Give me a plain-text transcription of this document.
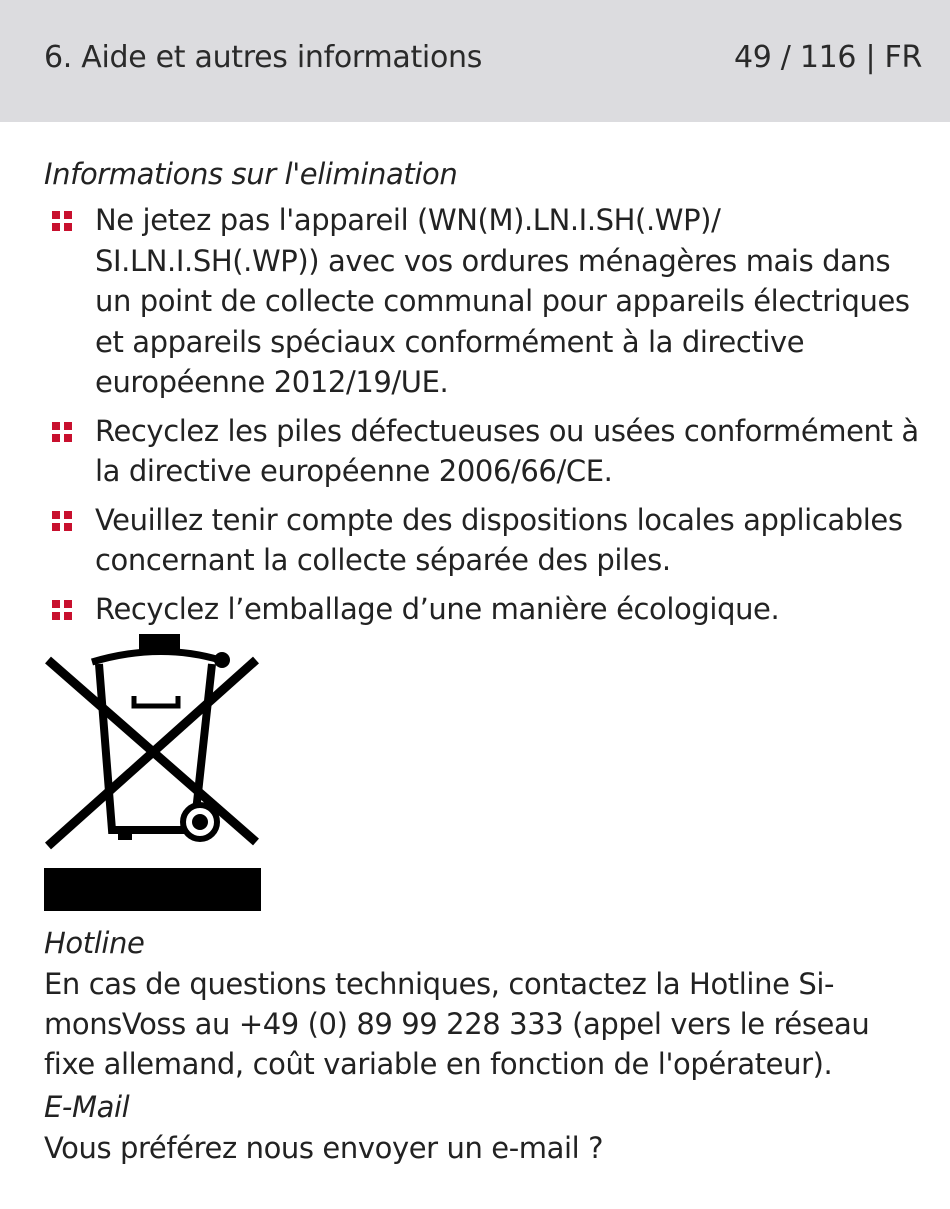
6. Aide et autres informations	49 / 116 | FR

Informations sur l'elimination

Ne jetez pas l'appareil (WN(M).LN.I.SH(.WP)/ SI.LN.I.SH(.WP)) avec vos ordures ménagères mais dans un point de collecte communal pour appareils électriques et appareils spéciaux conformément à la directive européenne 2012/19/UE.
Recyclez les piles défectueuses ou usées conformément à la directive européenne 2006/66/CE.
Veuillez tenir compte des dispositions locales applicables concernant la collecte séparée des piles.
Recyclez l’emballage d’une manière écologique.

Hotline

En cas de questions techniques, contactez la Hotline Si-monsVoss au +49 (0) 89 99 228 333 (appel vers le réseau fixe allemand, coût variable en fonction de l'opérateur).

E-Mail

Vous préférez nous envoyer un e-mail ?
